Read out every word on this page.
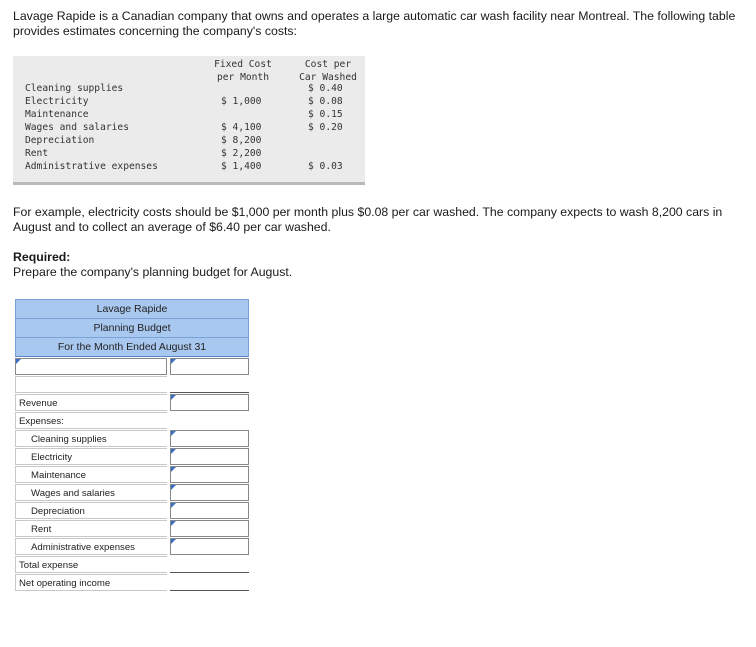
Lavage Rapide is a Canadian company that owns and operates a large automatic car wash facility near Montreal. The following table provides estimates concerning the company's costs:
Fixed Cost
per Month
Cost per
Car Washed
Cleaning supplies
Electricity
Maintenance
Wages and salaries
Depreciation
Rent
Administrative expenses
$ 1,000
$ 4,100
$ 8,200
$ 2,200
$ 1,400
$ 0.40
$ 0.08
$ 0.15
$ 0.20
$ 0.03
For example, electricity costs should be $1,000 per month plus $0.08 per car washed. The company expects to wash 8,200 cars in August and to collect an average of $6.40 per car washed.
Required:
Prepare the company's planning budget for August.
Lavage Rapide
Planning Budget
For the Month Ended August 31
Revenue
Expenses:
Cleaning supplies
Electricity
Maintenance
Wages and salaries
Depreciation
Rent
Administrative expenses
Total expense
Net operating income
